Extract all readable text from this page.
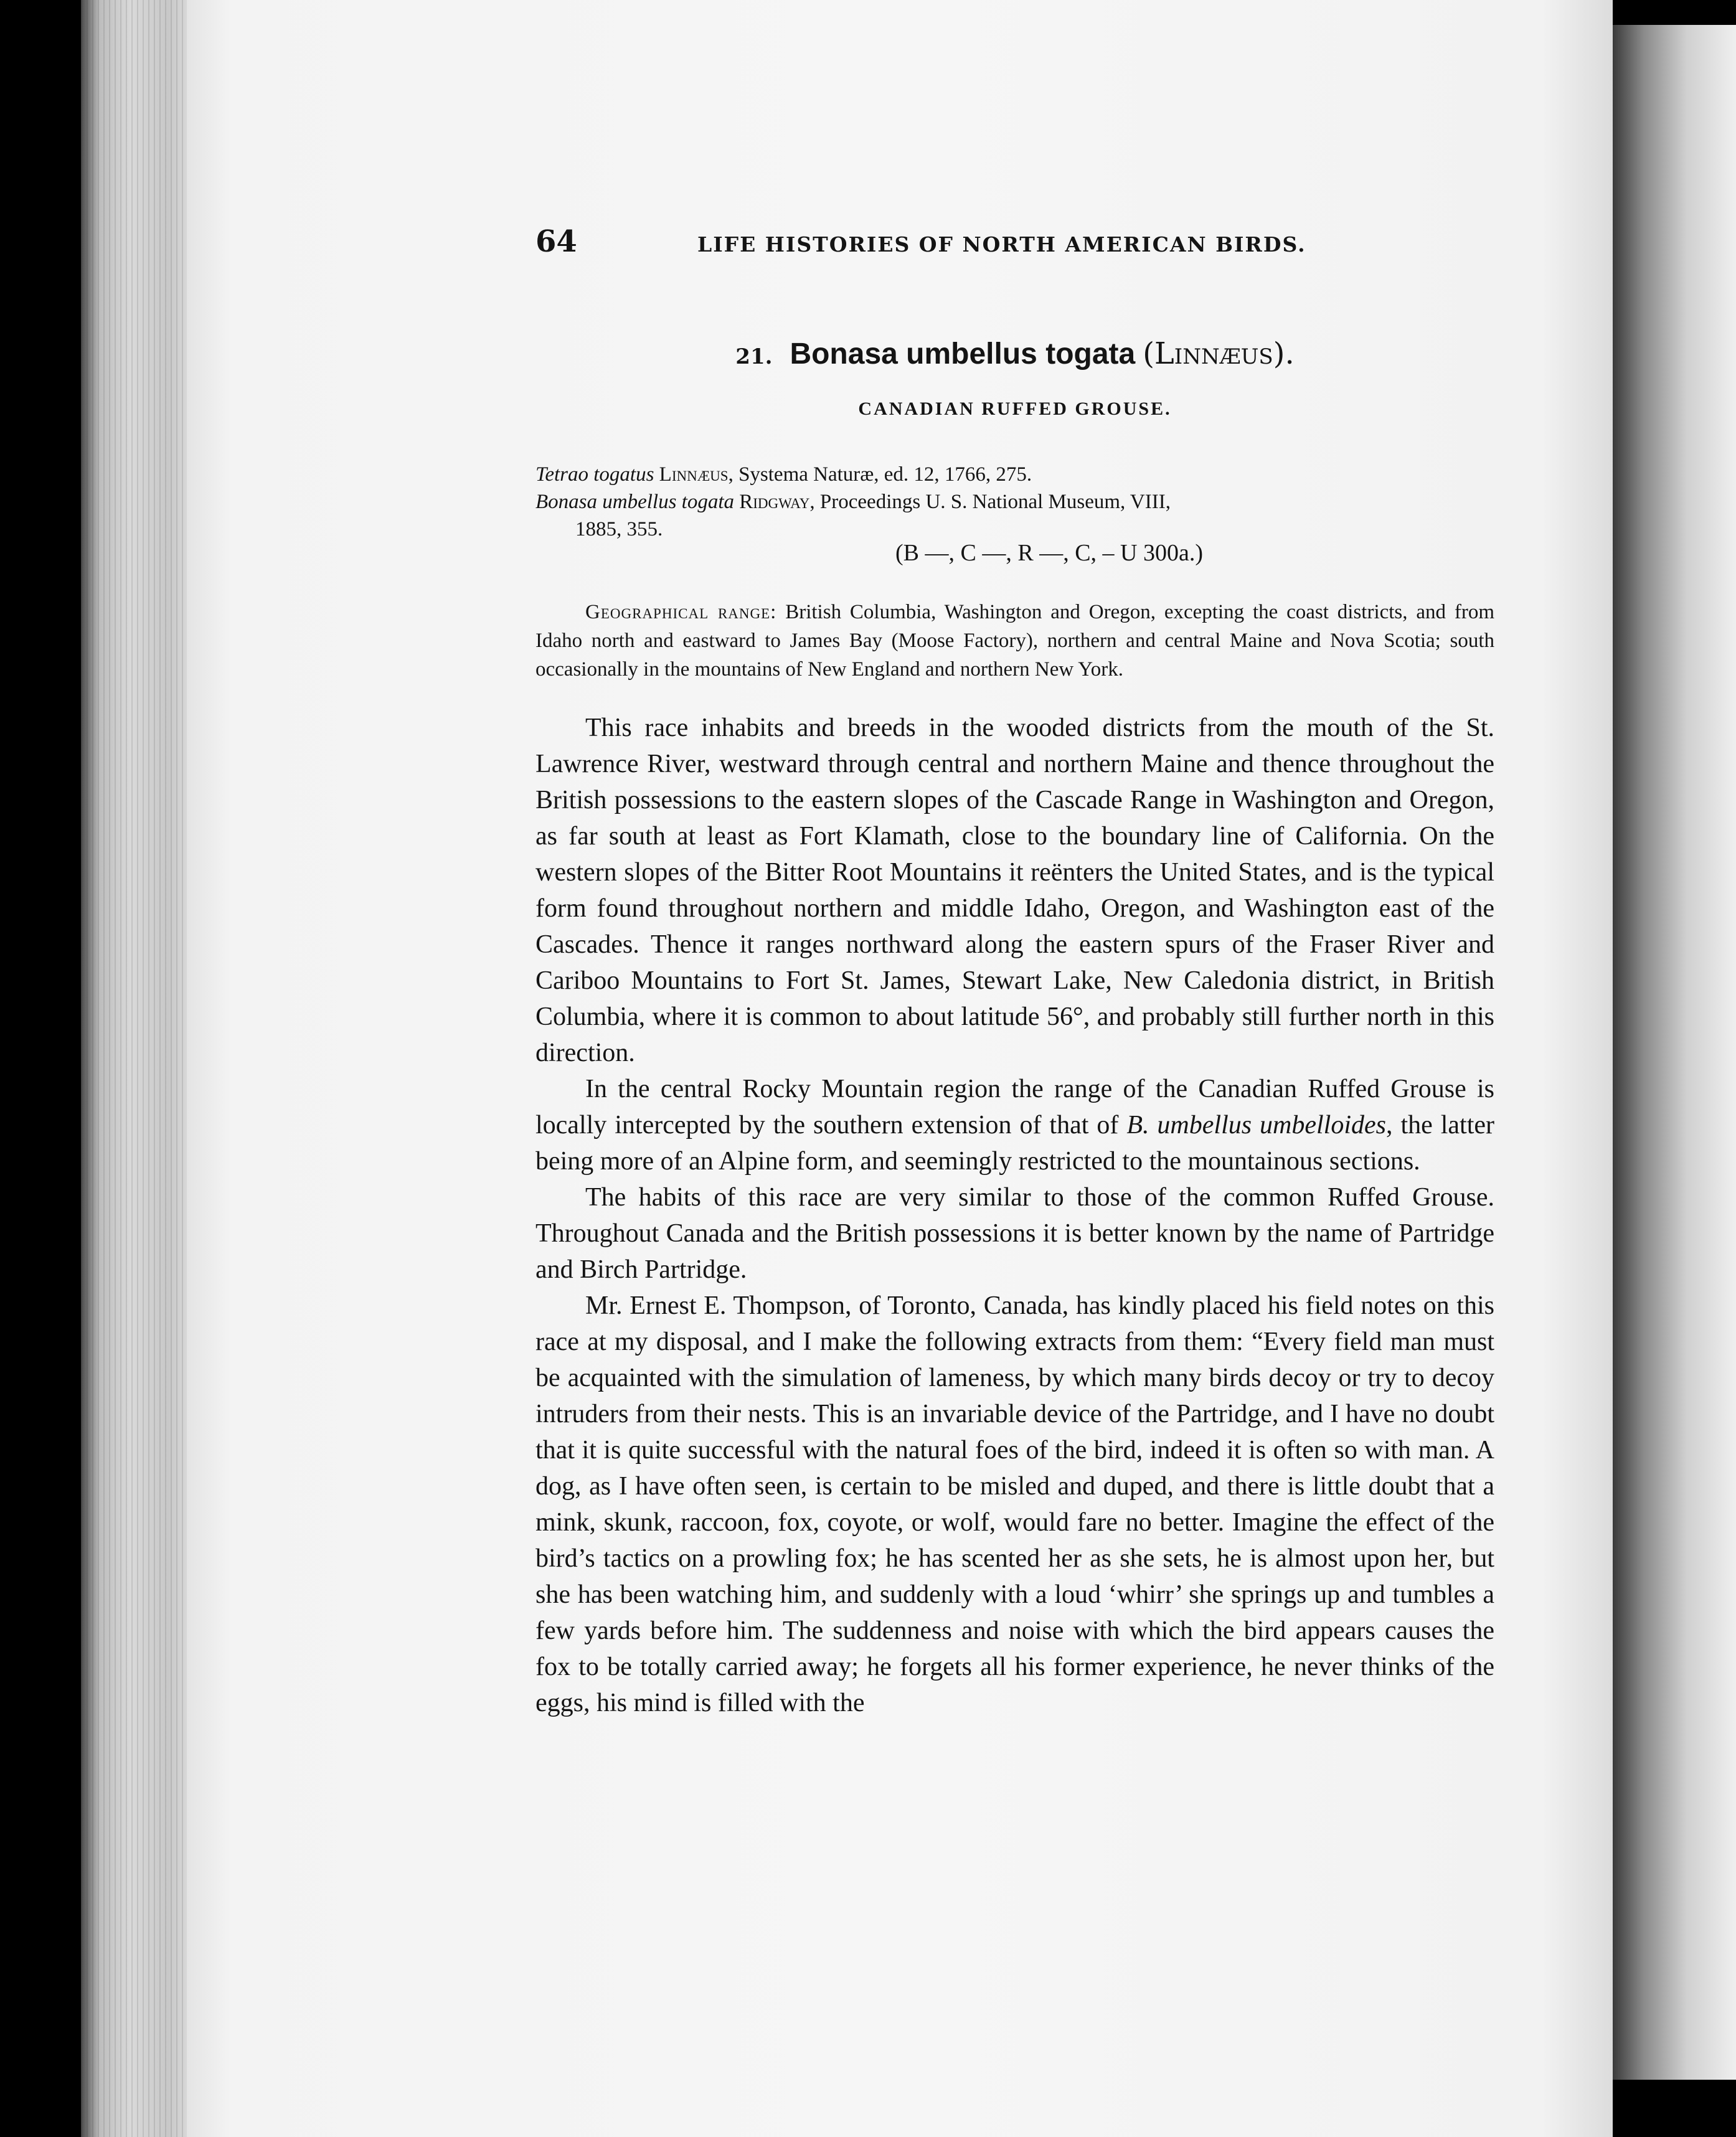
64	LIFE HISTORIES OF NORTH AMERICAN BIRDS.
21. Bonasa umbellus togata (Linnæus).
CANADIAN RUFFED GROUSE.
Tetrao togatus Linnæus, Systema Naturæ, ed. 12, 1766, 275.
Bonasa umbellus togata Ridgway, Proceedings U. S. National Museum, VIII,
1885, 355.
(B —, C —, R —, C, – U 300a.)
Geographical range: British Columbia, Washington and Oregon, excepting the coast districts, and from Idaho north and eastward to James Bay (Moose Factory), northern and central Maine and Nova Scotia; south occasionally in the mountains of New England and northern New York.

This race inhabits and breeds in the wooded districts from the mouth of the St. Lawrence River, westward through central and northern Maine and thence throughout the British possessions to the eastern slopes of the Cascade Range in Washington and Oregon, as far south at least as Fort Klamath, close to the boundary line of California. On the western slopes of the Bitter Root Mountains it reënters the United States, and is the typical form found throughout northern and middle Idaho, Oregon, and Washington east of the Cascades. Thence it ranges northward along the eastern spurs of the Fraser River and Cariboo Mountains to Fort St. James, Stewart Lake, New Caledonia district, in British Columbia, where it is common to about latitude 56°, and probably still further north in this direction.

In the central Rocky Mountain region the range of the Canadian Ruffed Grouse is locally intercepted by the southern extension of that of B. umbellus umbelloides, the latter being more of an Alpine form, and seemingly restricted to the mountainous sections.

The habits of this race are very similar to those of the common Ruffed Grouse. Throughout Canada and the British possessions it is better known by the name of Partridge and Birch Partridge.

Mr. Ernest E. Thompson, of Toronto, Canada, has kindly placed his field notes on this race at my disposal, and I make the following extracts from them: “Every field man must be acquainted with the simulation of lameness, by which many birds decoy or try to decoy intruders from their nests. This is an invariable device of the Partridge, and I have no doubt that it is quite successful with the natural foes of the bird, indeed it is often so with man. A dog, as I have often seen, is certain to be misled and duped, and there is little doubt that a mink, skunk, raccoon, fox, coyote, or wolf, would fare no better. Imagine the effect of the bird’s tactics on a prowling fox; he has scented her as she sets, he is almost upon her, but she has been watching him, and suddenly with a loud ‘whirr’ she springs up and tumbles a few yards before him. The suddenness and noise with which the bird appears causes the fox to be totally carried away; he forgets all his former experience, he never thinks of the eggs, his mind is filled with the
